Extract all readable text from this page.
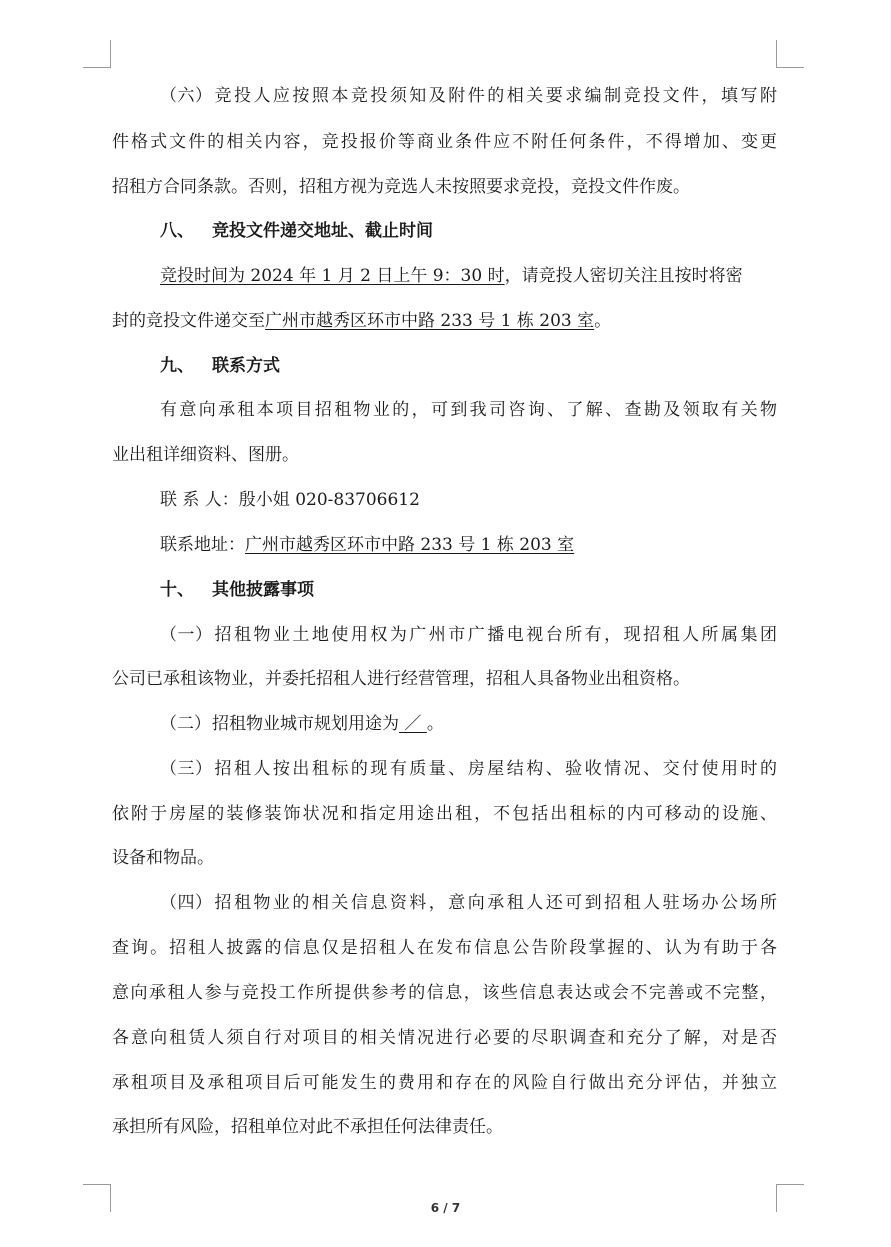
（六）竞投人应按照本竞投须知及附件的相关要求编制竞投文件，填写附
件格式文件的相关内容，竞投报价等商业条件应不附任何条件，不得增加、变更
招租方合同条款。否则，招租方视为竞选人未按照要求竞投，竞投文件作废。
八、 竞投文件递交地址、截止时间
竞投时间为 2024 年 1 月 2 日上午 9：30 时，请竞投人密切关注且按时将密
封的竞投文件递交至广州市越秀区环市中路 233 号 1 栋 203 室。
九、 联系方式
有意向承租本项目招租物业的，可到我司咨询、了解、查勘及领取有关物
业出租详细资料、图册。
联 系 人：殷小姐 020-83706612
联系地址：广州市越秀区环市中路 233 号 1 栋 203 室
十、 其他披露事项
（一）招租物业土地使用权为广州市广播电视台所有，现招租人所属集团
公司已承租该物业，并委托招租人进行经营管理，招租人具备物业出租资格。
（二）招租物业城市规划用途为 ／ 。
（三）招租人按出租标的现有质量、房屋结构、验收情况、交付使用时的
依附于房屋的装修装饰状况和指定用途出租，不包括出租标的内可移动的设施、
设备和物品。
（四）招租物业的相关信息资料，意向承租人还可到招租人驻场办公场所
查询。招租人披露的信息仅是招租人在发布信息公告阶段掌握的、认为有助于各
意向承租人参与竞投工作所提供参考的信息，该些信息表达或会不完善或不完整，
各意向租赁人须自行对项目的相关情况进行必要的尽职调查和充分了解，对是否
承租项目及承租项目后可能发生的费用和存在的风险自行做出充分评估，并独立
承担所有风险，招租单位对此不承担任何法律责任。
6 / 7
